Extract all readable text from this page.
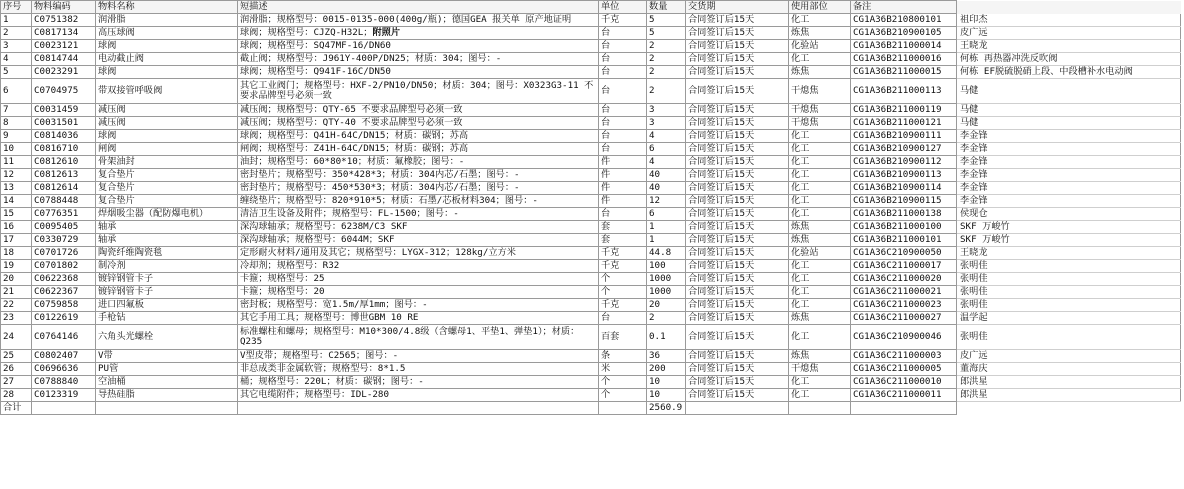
序号	物料编码	物料名称	短描述	单位	数量	交货期	使用部位	备注	
1	C0751382	润滑脂	润滑脂；规格型号：0015-0135-000(400g/瓶)；德国GEA 报关单 原产地证明	千克	5	合同签订后15天	化工	CG1A36B210800101	祖印杰
2	C0817134	高压球阀	球阀；规格型号：CJZQ-H32L；附照片	台	5	合同签订后15天	炼焦	CG1A36B210900105	皮广远
3	C0023121	球阀	球阀；规格型号：SQ47MF-16/DN60	台	2	合同签订后15天	化验站	CG1A36B211000014	王晓龙
4	C0814744	电动截止阀	截止阀；规格型号：J961Y-400P/DN25；材质：304；图号：-	台	2	合同签订后15天	化工	CG1A36B211000016	何栋 再热器冲洗反吹阀
5	C0023291	球阀	球阀；规格型号：Q941F-16C/DN50	台	2	合同签订后15天	炼焦	CG1A36B211000015	何栋 EF脱硫脱硝上段、中段槽补水电动阀
6	C0704975	带双接管呼吸阀	其它工业阀门；规格型号：HXF-2/PN10/DN50；材质：304；图号：X0323G3-11 不要求品牌型号必须一致	台	2	合同签订后15天	干熄焦	CG1A36B211000113	马健
7	C0031459	减压阀	减压阀；规格型号：QTY-65 不要求品牌型号必须一致	台	3	合同签订后15天	干熄焦	CG1A36B211000119	马健
8	C0031501	减压阀	减压阀；规格型号：QTY-40 不要求品牌型号必须一致	台	3	合同签订后15天	干熄焦	CG1A36B211000121	马健
9	C0814036	球阀	球阀；规格型号：Q41H-64C/DN15；材质：碳钢；苏高	台	4	合同签订后15天	化工	CG1A36B210900111	李金锋
10	C0816710	闸阀	闸阀；规格型号：Z41H-64C/DN15；材质：碳钢；苏高	台	6	合同签订后15天	化工	CG1A36B210900127	李金锋
11	C0812610	骨架油封	油封；规格型号：60*80*10；材质：氟橡胶；图号：-	件	4	合同签订后15天	化工	CG1A36B210900112	李金锋
12	C0812613	复合垫片	密封垫片；规格型号：350*428*3；材质：304内芯/石墨；图号：-	件	40	合同签订后15天	化工	CG1A36B210900113	李金锋
13	C0812614	复合垫片	密封垫片；规格型号：450*530*3；材质：304内芯/石墨；图号：-	件	40	合同签订后15天	化工	CG1A36B210900114	李金锋
14	C0788448	复合垫片	缠绕垫片；规格型号：820*910*5；材质：石墨/芯板材料304；图号：-	件	12	合同签订后15天	化工	CG1A36B210900115	李金锋
15	C0776351	焊烟吸尘器（配防爆电机）	清洁卫生设备及附件；规格型号：FL-1500；图号：-	台	6	合同签订后15天	化工	CG1A36B211000138	侯现仓
16	C0095405	轴承	深沟球轴承；规格型号：6238M/C3 SKF	套	1	合同签订后15天	炼焦	CG1A36B211000100	SKF 万峻竹
17	C0330729	轴承	深沟球轴承；规格型号：6044M；SKF	套	1	合同签订后15天	炼焦	CG1A36B211000101	SKF 万峻竹
18	C0701726	陶瓷纤维陶瓷毯	定形耐火材料/通用及其它；规格型号：LYGX-312；128kg/立方米	千克	44.8	合同签订后15天	化验站	CG1A36C210900050	王晓龙
19	C0701802	制冷剂	冷却剂；规格型号：R32	千克	100	合同签订后15天	化工	CG1A36C211000017	张明佳
20	C0622368	镀锌钢管卡子	卡箍；规格型号：25	个	1000	合同签订后15天	化工	CG1A36C211000020	张明佳
21	C0622367	镀锌钢管卡子	卡箍；规格型号：20	个	1000	合同签订后15天	化工	CG1A36C211000021	张明佳
22	C0759858	进口四氟板	密封板；规格型号：宽1.5m/厚1mm；图号：-	千克	20	合同签订后15天	化工	CG1A36C211000023	张明佳
23	C0122619	手枪钻	其它手用工具；规格型号：博世GBM 10 RE	台	2	合同签订后15天	炼焦	CG1A36C211000027	温学起
24	C0764146	六角头光螺栓	标准螺柱和螺母；规格型号：M10*300/4.8级（含螺母1、平垫1、弹垫1）；材质：Q235	百套	0.1	合同签订后15天	化工	CG1A36C210900046	张明佳
25	C0802407	V带	V型皮带；规格型号：C2565；图号：-	条	36	合同签订后15天	炼焦	CG1A36C211000003	皮广远
26	C0696636	PU管	非总成类非金属软管；规格型号：8*1.5	米	200	合同签订后15天	干熄焦	CG1A36C211000005	董海庆
27	C0788840	空油桶	桶；规格型号：220L；材质：碳钢；图号：-	个	10	合同签订后15天	化工	CG1A36C211000010	郎洪星
28	C0123319	导热硅脂	其它电缆附件；规格型号：IDL-280	个	10	合同签订后15天	化工	CG1A36C211000011	郎洪星
合计					2560.9				
